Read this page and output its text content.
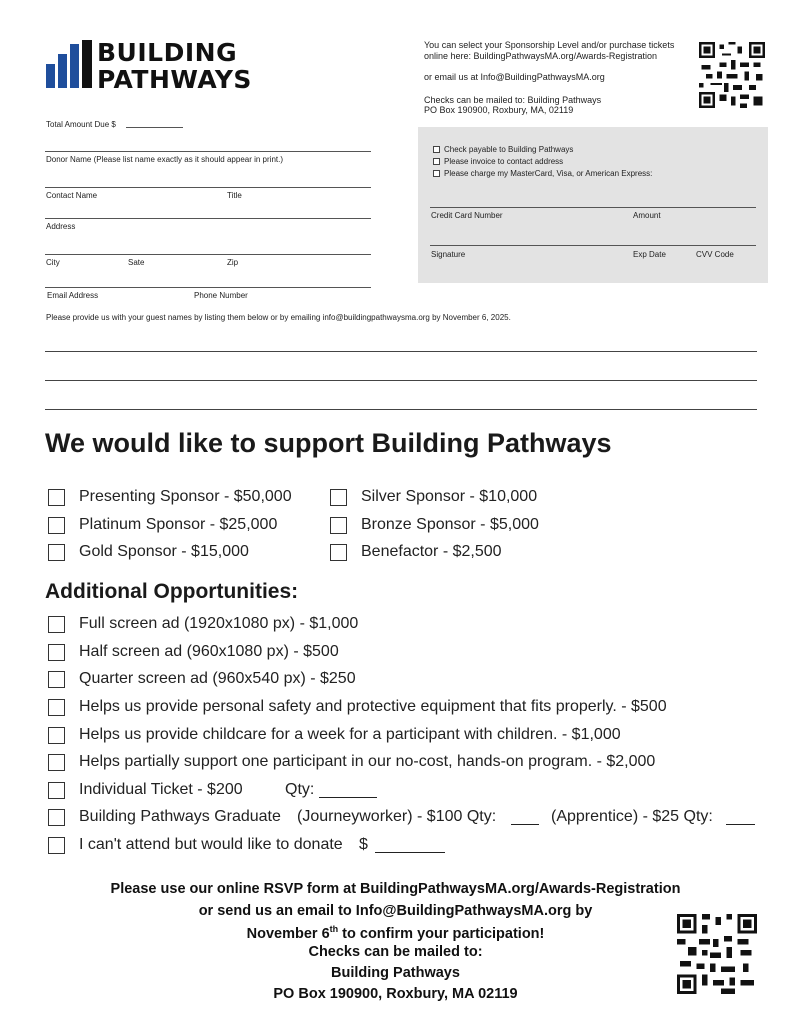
BUILDING
PATHWAYS
You can select your Sponsorship Level and/or purchase tickets
online here: BuildingPathwaysMA.org/Awards-Registration
or email us at Info@BuildingPathwaysMA.org
Checks can be mailed to: Building Pathways
PO Box 190900, Roxbury, MA, 02119
Total Amount Due $
Donor Name (Please list name exactly as it should appear in print.)
Contact Name	Title
Address
City	Sate	Zip
Email Address	Phone Number
Check payable to Building Pathways
Please invoice to contact address
Please charge my MasterCard, Visa, or American Express:
Credit Card Number	Amount
Signature	Exp Date	CVV Code
Please provide us with your guest names by listing them below or by emailing info@buildingpathwaysma.org by November 6, 2025.
We would like to support Building Pathways
Presenting Sponsor - $50,000
Platinum Sponsor - $25,000
Gold Sponsor - $15,000
Silver Sponsor - $10,000
Bronze Sponsor - $5,000
Benefactor - $2,500
Additional Opportunities:
Full screen ad (1920x1080 px) - $1,000
Half screen ad (960x1080 px) - $500
Quarter screen ad (960x540 px) - $250
Helps us provide personal safety and protective equipment that fits properly. - $500
Helps us provide childcare for a week for a participant with children. - $1,000
Helps partially support one participant in our no-cost, hands-on program. - $2,000
Individual Ticket - $200	Qty:
Building Pathways Graduate (Journeyworker) - $100 Qty:	(Apprentice) - $25 Qty:
I can't attend but would like to donate $
Please use our online RSVP form at BuildingPathwaysMA.org/Awards-Registration
or send us an email to Info@BuildingPathwaysMA.org by
November 6th to confirm your participation!
Checks can be mailed to:
Building Pathways
PO Box 190900, Roxbury, MA 02119
